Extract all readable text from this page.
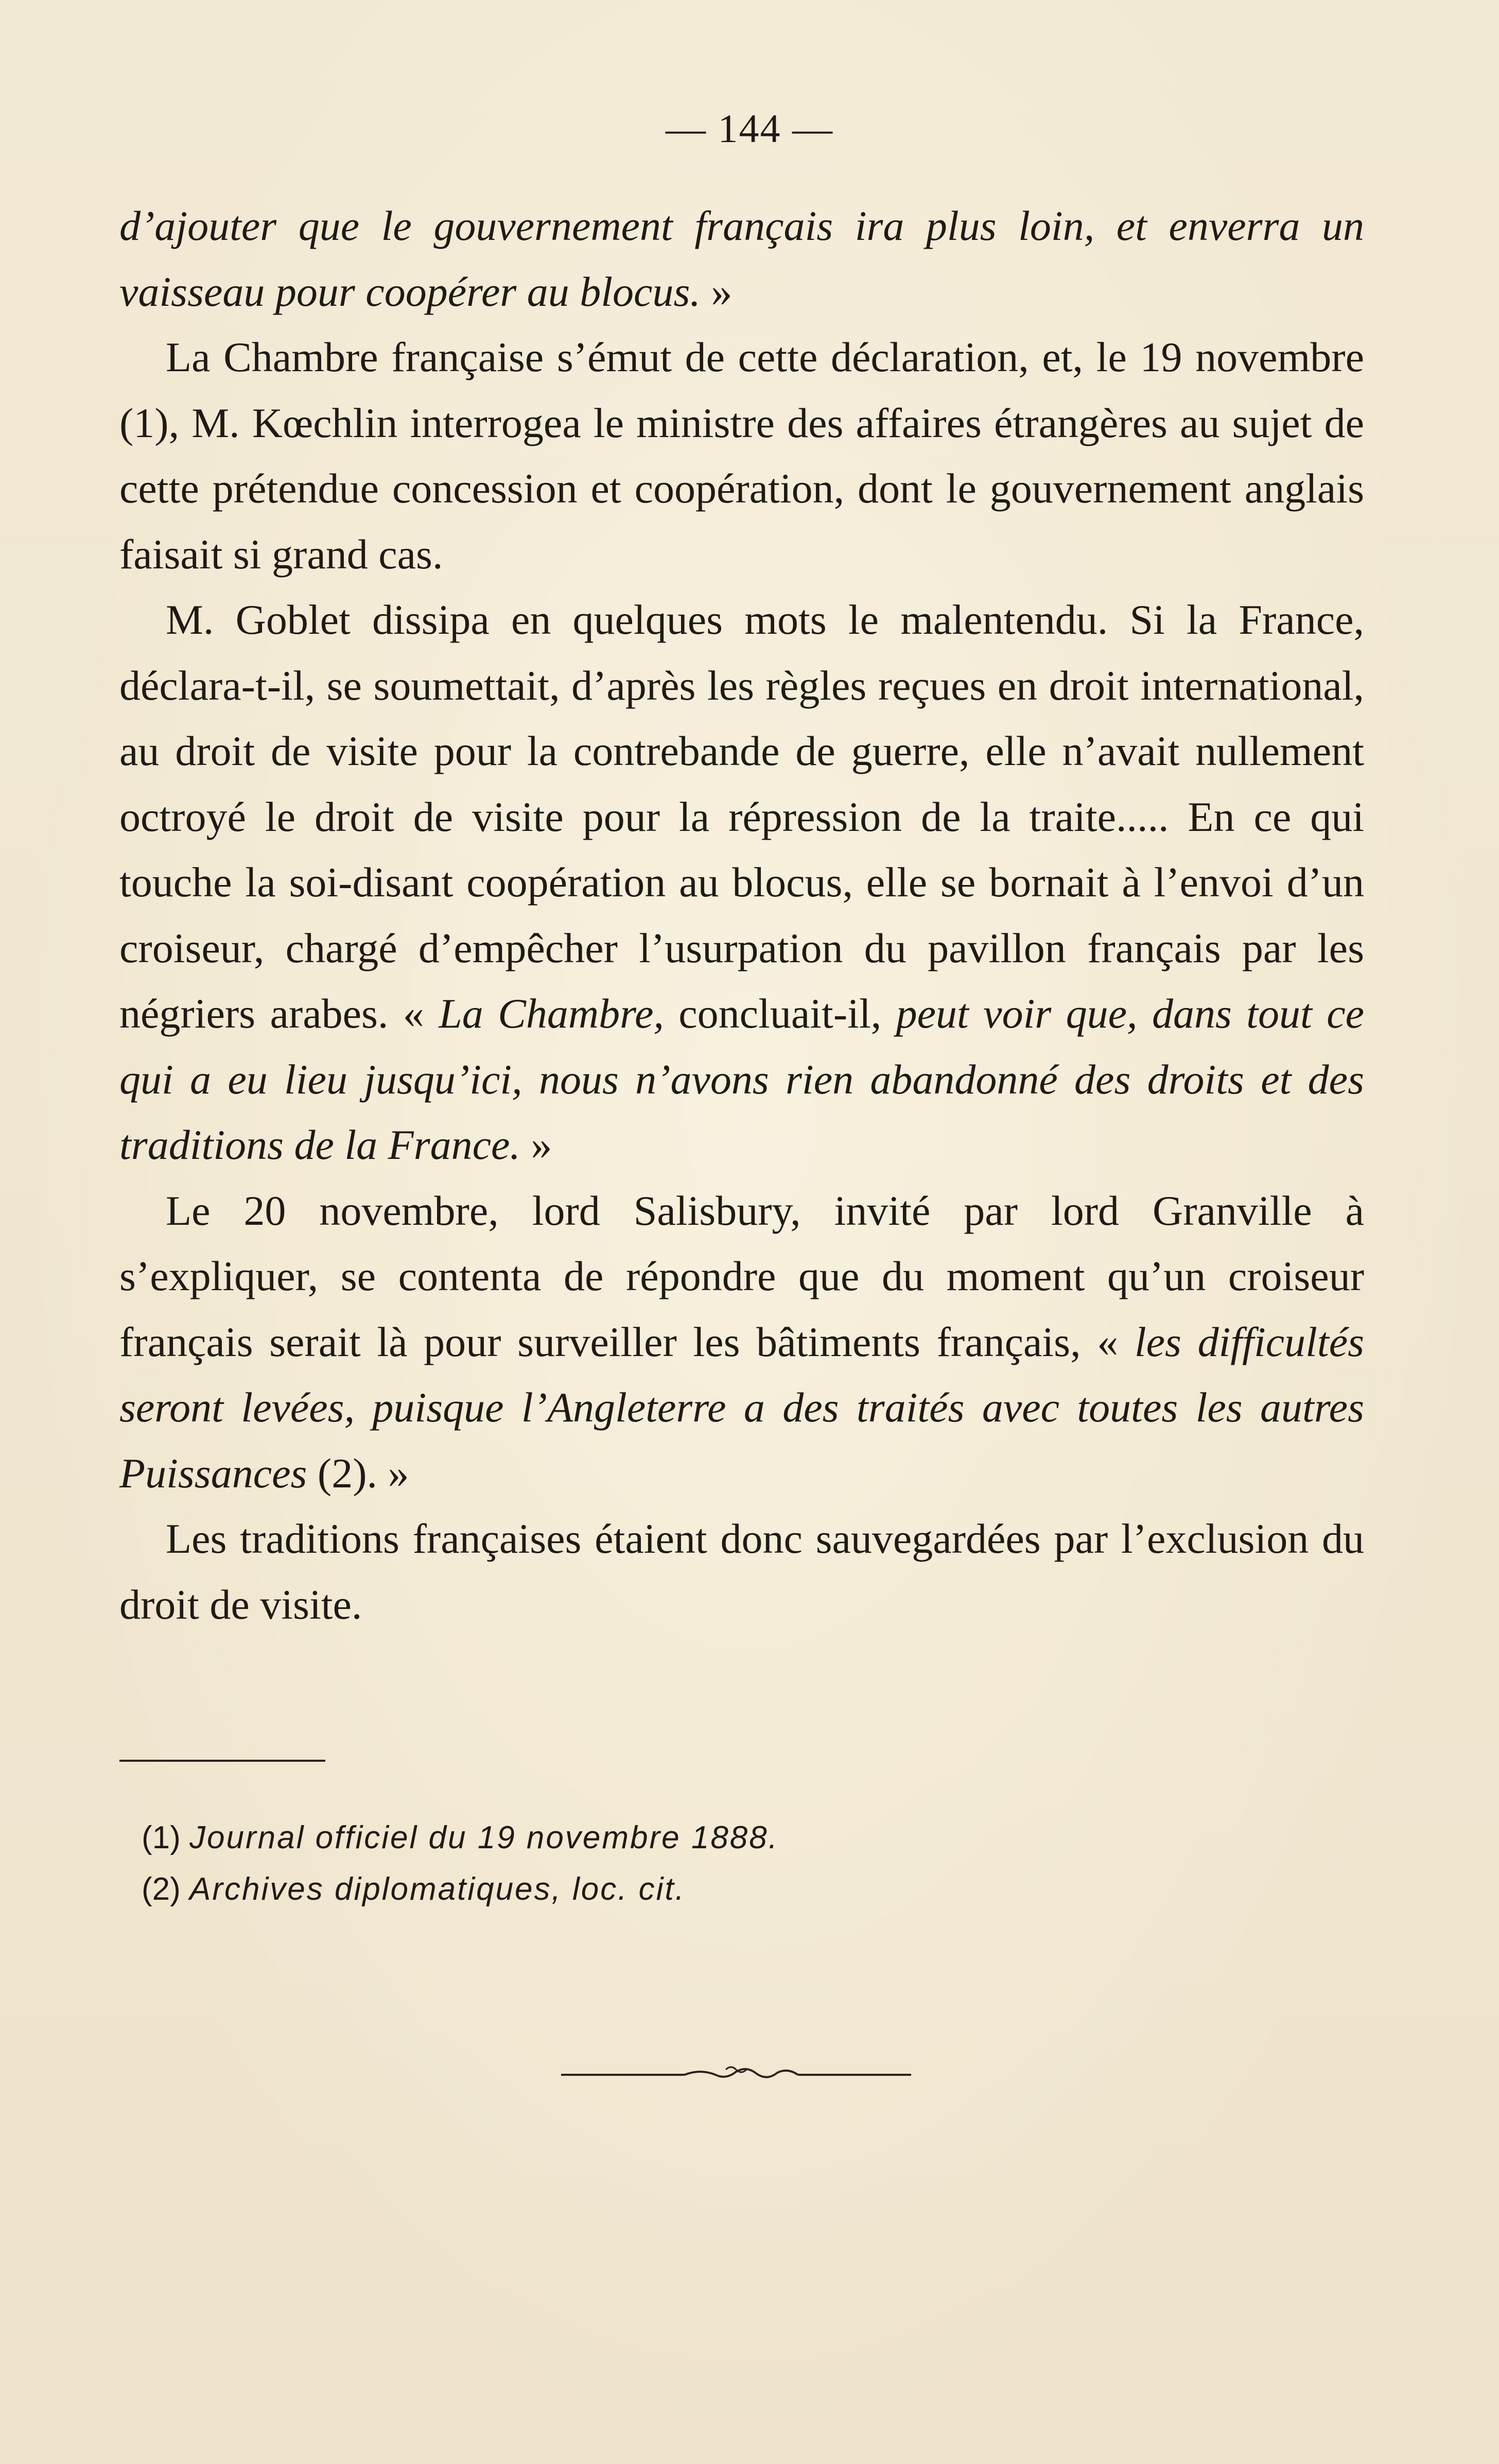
— 144 —

d’ajouter que le gouvernement français ira plus loin, et enverra un vaisseau pour coopérer au blocus. »

La Chambre française s’émut de cette déclaration, et, le 19 novembre (1), M. Kœchlin interrogea le ministre des affaires étrangères au sujet de cette prétendue concession et coopération, dont le gouvernement anglais faisait si grand cas.

M. Goblet dissipa en quelques mots le malentendu. Si la France, déclara-t-il, se soumettait, d’après les règles reçues en droit international, au droit de visite pour la contrebande de guerre, elle n’avait nullement octroyé le droit de visite pour la répression de la traite..... En ce qui touche la soi-disant coopération au blocus, elle se bornait à l’envoi d’un croiseur, chargé d’empêcher l’usurpation du pavillon français par les négriers arabes. « La Chambre, concluait-il, peut voir que, dans tout ce qui a eu lieu jusqu’ici, nous n’avons rien abandonné des droits et des traditions de la France. »

Le 20 novembre, lord Salisbury, invité par lord Granville à s’expliquer, se contenta de répondre que du moment qu’un croiseur français serait là pour surveiller les bâtiments français, « les difficultés seront levées, puisque l’Angleterre a des traités avec toutes les autres Puissances (2). »

Les traditions françaises étaient donc sauvegardées par l’exclusion du droit de visite.

(1) Journal officiel du 19 novembre 1888.
(2) Archives diplomatiques, loc. cit.
